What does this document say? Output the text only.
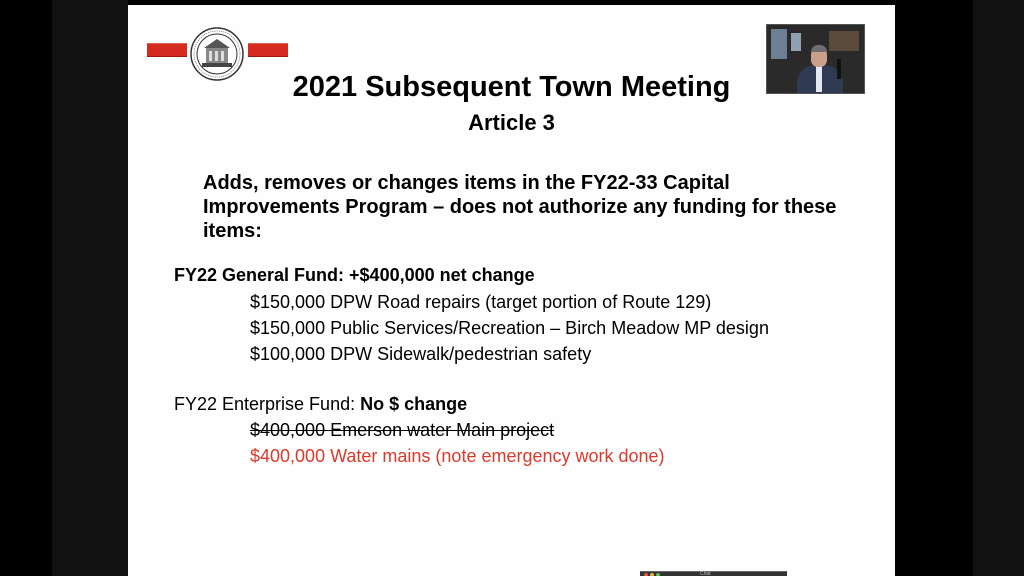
2021 Subsequent Town Meeting
Article 3
Adds, removes or changes items in the FY22-33 Capital Improvements Program – does not authorize any funding for these items:
FY22 General Fund: +$400,000 net change
$150,000 DPW Road repairs (target portion of Route 129)
$150,000 Public Services/Recreation – Birch Meadow MP design
$100,000 DPW Sidewalk/pedestrian safety
FY22 Enterprise Fund: No $ change
$400,000 Emerson water Main project
$400,000 Water mains (note emergency work done)
Chat
